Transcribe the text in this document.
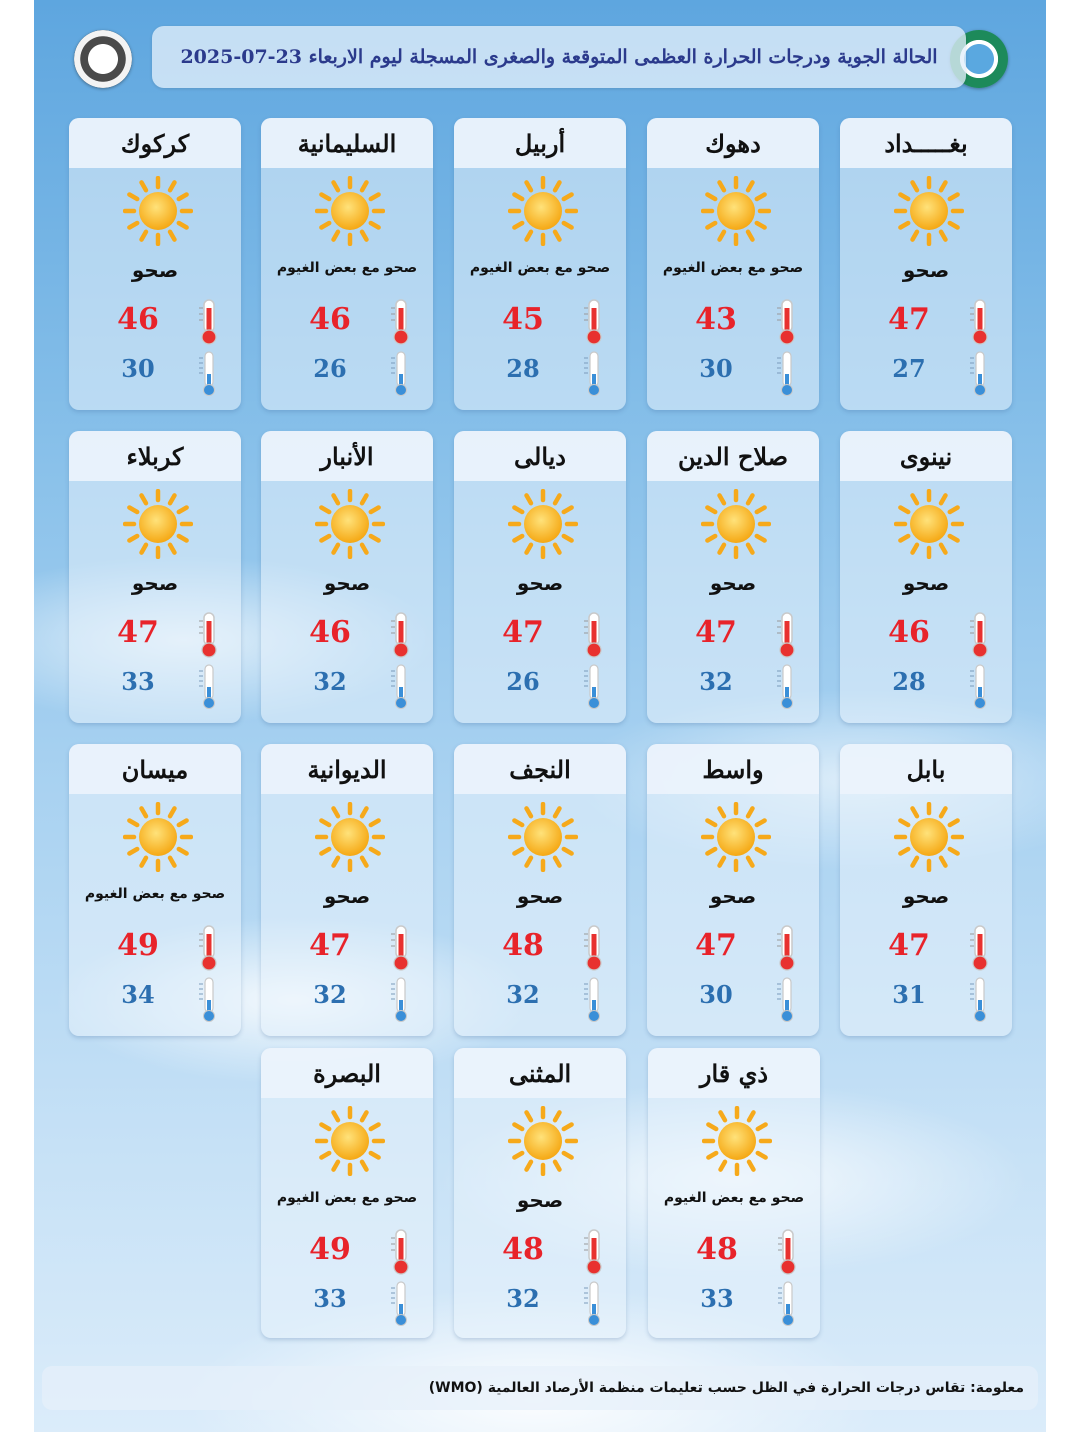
الحالة الجوية ودرجات الحرارة العظمى المتوقعة والصغرى المسجلة ليوم الاربعاء 23-07-2025
بغـــــداد
صحو
47
27
دهوك
صحو مع بعض الغيوم
43
30
أربيل
صحو مع بعض الغيوم
45
28
السليمانية
صحو مع بعض الغيوم
46
26
كركوك
صحو
46
30
نينوى
صحو
46
28
صلاح الدين
صحو
47
32
ديالى
صحو
47
26
الأنبار
صحو
46
32
كربلاء
صحو
47
33
بابل
صحو
47
31
واسط
صحو
47
30
النجف
صحو
48
32
الديوانية
صحو
47
32
ميسان
صحو مع بعض الغيوم
49
34
ذي قار
صحو مع بعض الغيوم
48
33
المثنى
صحو
48
32
البصرة
صحو مع بعض الغيوم
49
33
معلومة: تقاس درجات الحرارة في الظل حسب تعليمات منظمة الأرصاد العالمية (WMO)
